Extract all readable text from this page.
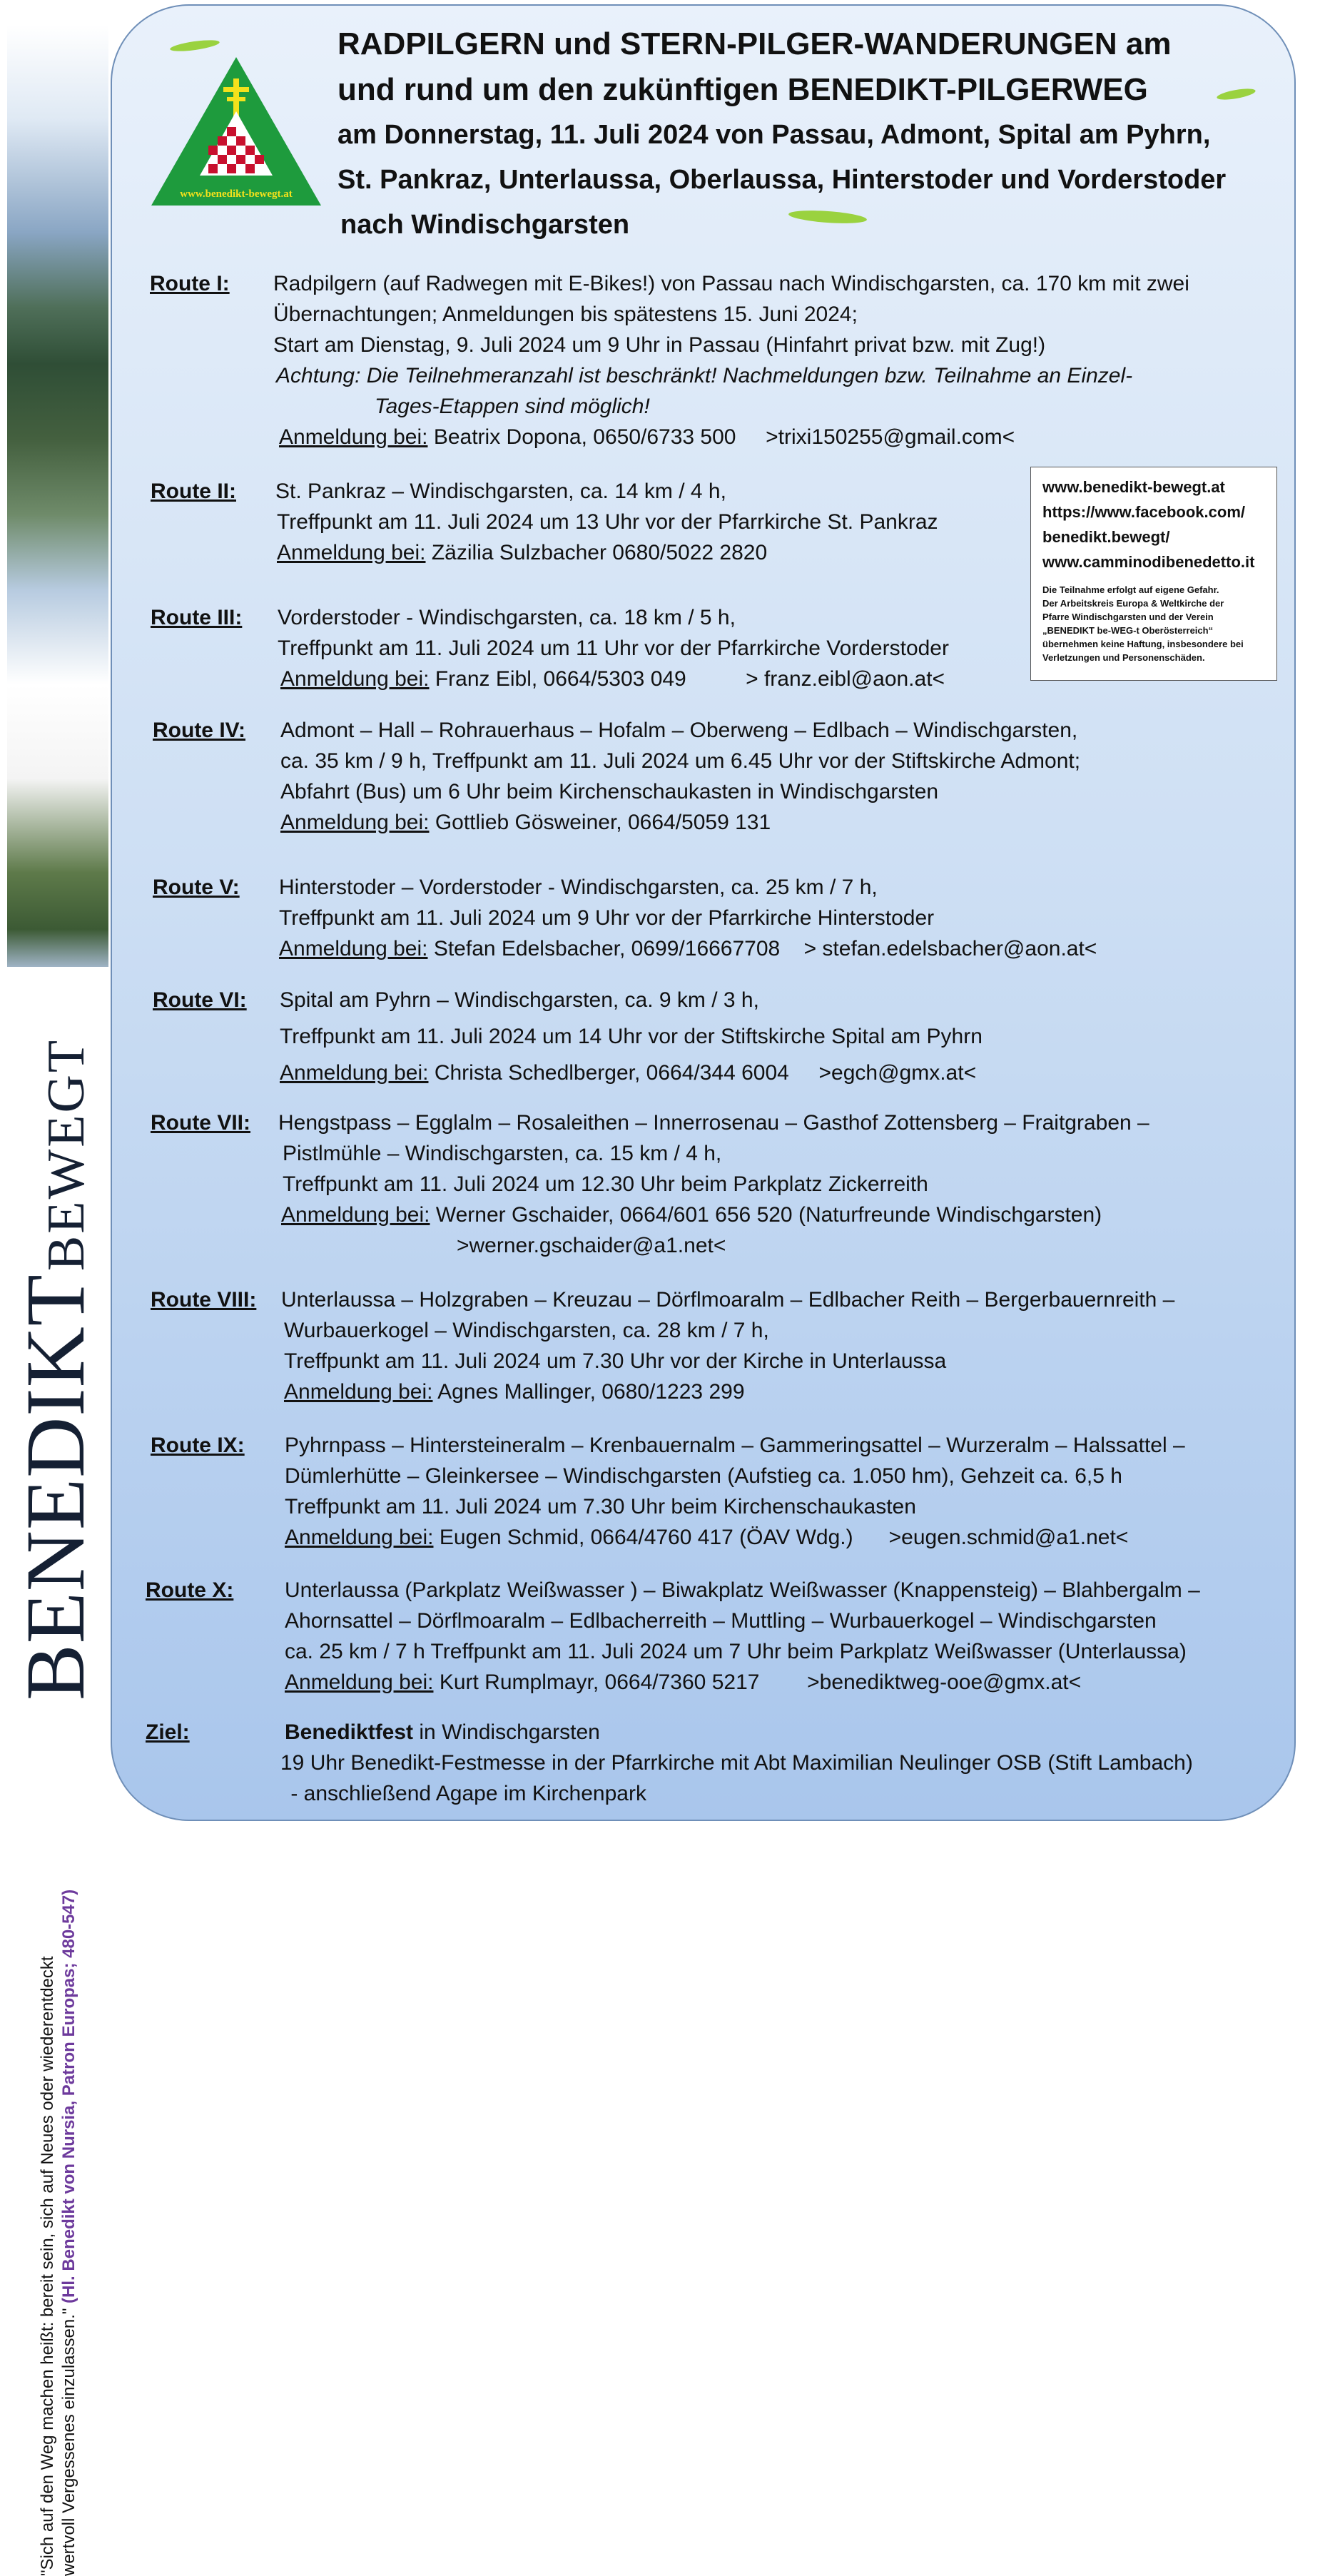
BENEDIKT BEWEGT
"Sich auf den Weg machen heißt: bereit sein, sich auf Neues oder wiederentdeckt wertvoll Vergessenes einzulassen." (Hl. Benedikt von Nursia, Patron Europas; 480-547)
www.benedikt-bewegt.at
RADPILGERN und STERN-PILGER-WANDERUNGEN am
und rund um den zukünftigen BENEDIKT-PILGERWEG
am Donnerstag, 11. Juli 2024 von Passau, Admont, Spital am Pyhrn,
St. Pankraz, Unterlaussa, Oberlaussa, Hinterstoder und Vorderstoder
nach Windischgarsten
www.benedikt-bewegt.at
https://www.facebook.com/
benedikt.bewegt/
www.camminodibenedetto.it
Die Teilnahme erfolgt auf eigene Gefahr.
Der Arbeitskreis Europa & Weltkirche der
Pfarre Windischgarsten und der Verein
„BENEDIKT be-WEG-t Oberösterreich“
übernehmen keine Haftung, insbesondere bei
Verletzungen und Personenschäden.
Route I: Radpilgern (auf Radwegen mit E-Bikes!) von Passau nach Windischgarsten, ca. 170 km mit zwei
Übernachtungen; Anmeldungen bis spätestens 15. Juni 2024;
Start am Dienstag, 9. Juli 2024 um 9 Uhr in Passau (Hinfahrt privat bzw. mit Zug!)
Achtung: Die Teilnehmeranzahl ist beschränkt! Nachmeldungen bzw. Teilnahme an Einzel-
Tages-Etappen sind möglich!
Anmeldung bei: Beatrix Dopona, 0650/6733 500     >trixi150255@gmail.com<
Route II: St. Pankraz – Windischgarsten, ca. 14 km / 4 h,
Treffpunkt am 11. Juli 2024 um 13 Uhr vor der Pfarrkirche St. Pankraz
Anmeldung bei: Zäzilia Sulzbacher 0680/5022 2820
Route III: Vorderstoder - Windischgarsten, ca. 18 km / 5 h,
Treffpunkt am 11. Juli 2024 um 11 Uhr vor der Pfarrkirche Vorderstoder
Anmeldung bei: Franz Eibl, 0664/5303 049          > franz.eibl@aon.at<
Route IV: Admont – Hall – Rohrauerhaus – Hofalm – Oberweng – Edlbach – Windischgarsten,
ca. 35 km / 9 h, Treffpunkt am 11. Juli 2024 um 6.45 Uhr vor der Stiftskirche Admont;
Abfahrt (Bus) um 6 Uhr beim Kirchenschaukasten in Windischgarsten
Anmeldung bei: Gottlieb Gösweiner, 0664/5059 131
Route V: Hinterstoder – Vorderstoder - Windischgarsten, ca. 25 km / 7 h,
Treffpunkt am 11. Juli 2024 um 9 Uhr vor der Pfarrkirche Hinterstoder
Anmeldung bei: Stefan Edelsbacher, 0699/16667708    > stefan.edelsbacher@aon.at<
Route VI: Spital am Pyhrn – Windischgarsten, ca. 9 km / 3 h,
Treffpunkt am 11. Juli 2024 um 14 Uhr vor der Stiftskirche Spital am Pyhrn
Anmeldung bei: Christa Schedlberger, 0664/344 6004     >egch@gmx.at<
Route VII: Hengstpass – Egglalm – Rosaleithen – Innerrosenau – Gasthof Zottensberg – Fraitgraben –
Pistlmühle – Windischgarsten, ca. 15 km / 4 h,
Treffpunkt am 11. Juli 2024 um 12.30 Uhr beim Parkplatz Zickerreith
Anmeldung bei: Werner Gschaider, 0664/601 656 520 (Naturfreunde Windischgarsten)
>werner.gschaider@a1.net<
Route VIII: Unterlaussa – Holzgraben – Kreuzau – Dörflmoaralm – Edlbacher Reith – Bergerbauernreith –
Wurbauerkogel – Windischgarsten, ca. 28 km / 7 h,
Treffpunkt am 11. Juli 2024 um 7.30 Uhr vor der Kirche in Unterlaussa
Anmeldung bei: Agnes Mallinger, 0680/1223 299
Route IX: Pyhrnpass – Hintersteineralm – Krenbauernalm – Gammeringsattel – Wurzeralm – Halssattel –
Dümlerhütte – Gleinkersee – Windischgarsten (Aufstieg ca. 1.050 hm), Gehzeit ca. 6,5 h
Treffpunkt am 11. Juli 2024 um 7.30 Uhr beim Kirchenschaukasten
Anmeldung bei: Eugen Schmid, 0664/4760 417 (ÖAV Wdg.)      >eugen.schmid@a1.net<
Route X: Unterlaussa (Parkplatz Weißwasser ) – Biwakplatz Weißwasser (Knappensteig) – Blahbergalm –
Ahornsattel – Dörflmoaralm – Edlbacherreith – Muttling – Wurbauerkogel – Windischgarsten
ca. 25 km / 7 h Treffpunkt am 11. Juli 2024 um 7 Uhr beim Parkplatz Weißwasser (Unterlaussa)
Anmeldung bei: Kurt Rumplmayr, 0664/7360 5217        >benediktweg-ooe@gmx.at<
Ziel:	Benediktfest in Windischgarsten
19 Uhr Benedikt-Festmesse in der Pfarrkirche mit Abt Maximilian Neulinger OSB (Stift Lambach)
- anschließend Agape im Kirchenpark
